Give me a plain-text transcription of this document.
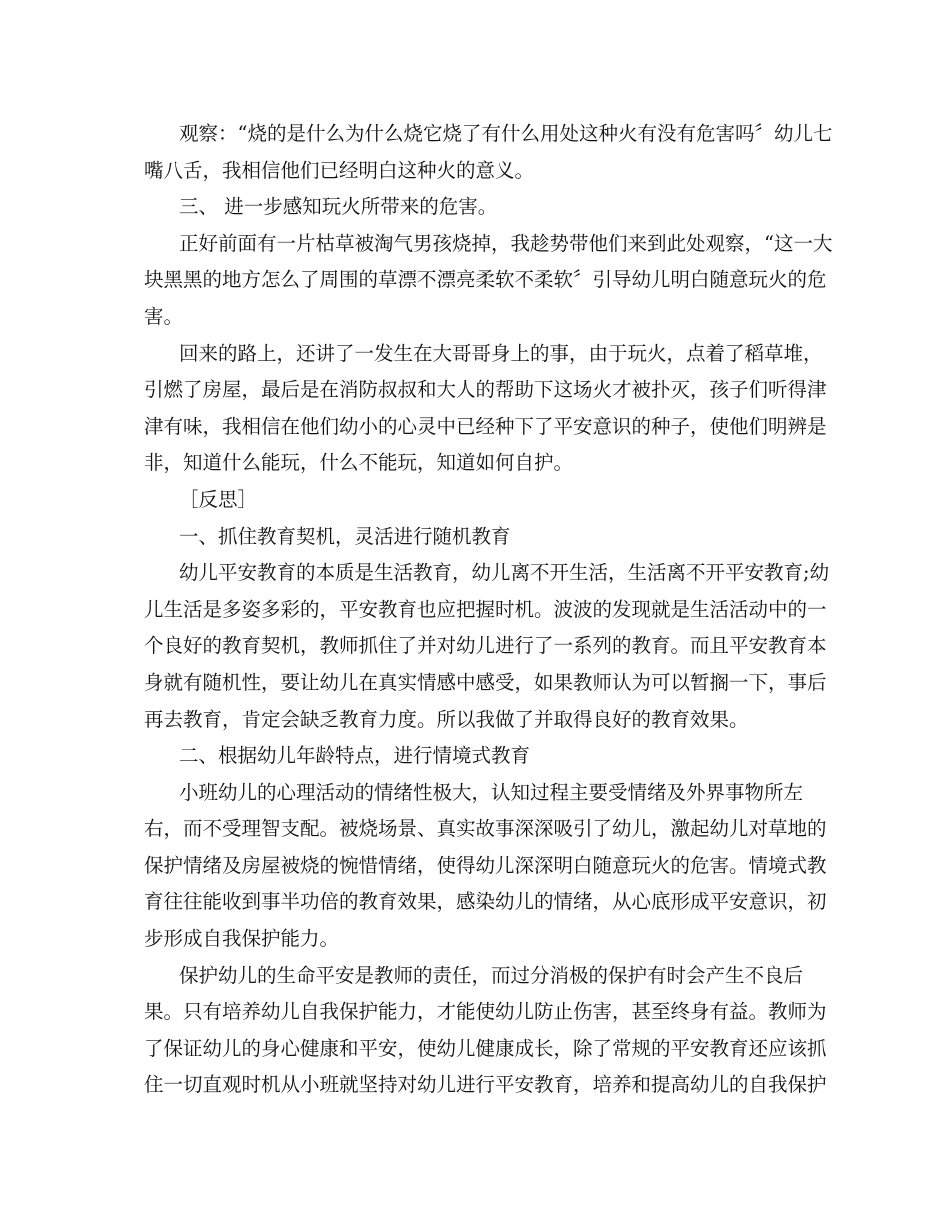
观察：“烧的是什么为什么烧它烧了有什么用处这种火有没有危害吗〞幼儿七
嘴八舌，我相信他们已经明白这种火的意义。
三、 进一步感知玩火所带来的危害。
正好前面有一片枯草被淘气男孩烧掉，我趁势带他们来到此处观察，“这一大
块黑黑的地方怎么了周围的草漂不漂亮柔软不柔软〞引导幼儿明白随意玩火的危
害。
回来的路上，还讲了一发生在大哥哥身上的事，由于玩火，点着了稻草堆，
引燃了房屋，最后是在消防叔叔和大人的帮助下这场火才被扑灭，孩子们听得津
津有味，我相信在他们幼小的心灵中已经种下了平安意识的种子，使他们明辨是
非，知道什么能玩，什么不能玩，知道如何自护。
［反思］
一、抓住教育契机，灵活进行随机教育
幼儿平安教育的本质是生活教育，幼儿离不开生活，生活离不开平安教育;幼
儿生活是多姿多彩的，平安教育也应把握时机。波波的发现就是生活活动中的一
个良好的教育契机，教师抓住了并对幼儿进行了一系列的教育。而且平安教育本
身就有随机性，要让幼儿在真实情感中感受，如果教师认为可以暂搁一下，事后
再去教育，肯定会缺乏教育力度。所以我做了并取得良好的教育效果。
二、根据幼儿年龄特点，进行情境式教育
小班幼儿的心理活动的情绪性极大，认知过程主要受情绪及外界事物所左
右，而不受理智支配。被烧场景、真实故事深深吸引了幼儿，激起幼儿对草地的
保护情绪及房屋被烧的惋惜情绪，使得幼儿深深明白随意玩火的危害。情境式教
育往往能收到事半功倍的教育效果，感染幼儿的情绪，从心底形成平安意识，初
步形成自我保护能力。
保护幼儿的生命平安是教师的责任，而过分消极的保护有时会产生不良后
果。只有培养幼儿自我保护能力，才能使幼儿防止伤害，甚至终身有益。教师为
了保证幼儿的身心健康和平安，使幼儿健康成长，除了常规的平安教育还应该抓
住一切直观时机从小班就坚持对幼儿进行平安教育，培养和提高幼儿的自我保护
